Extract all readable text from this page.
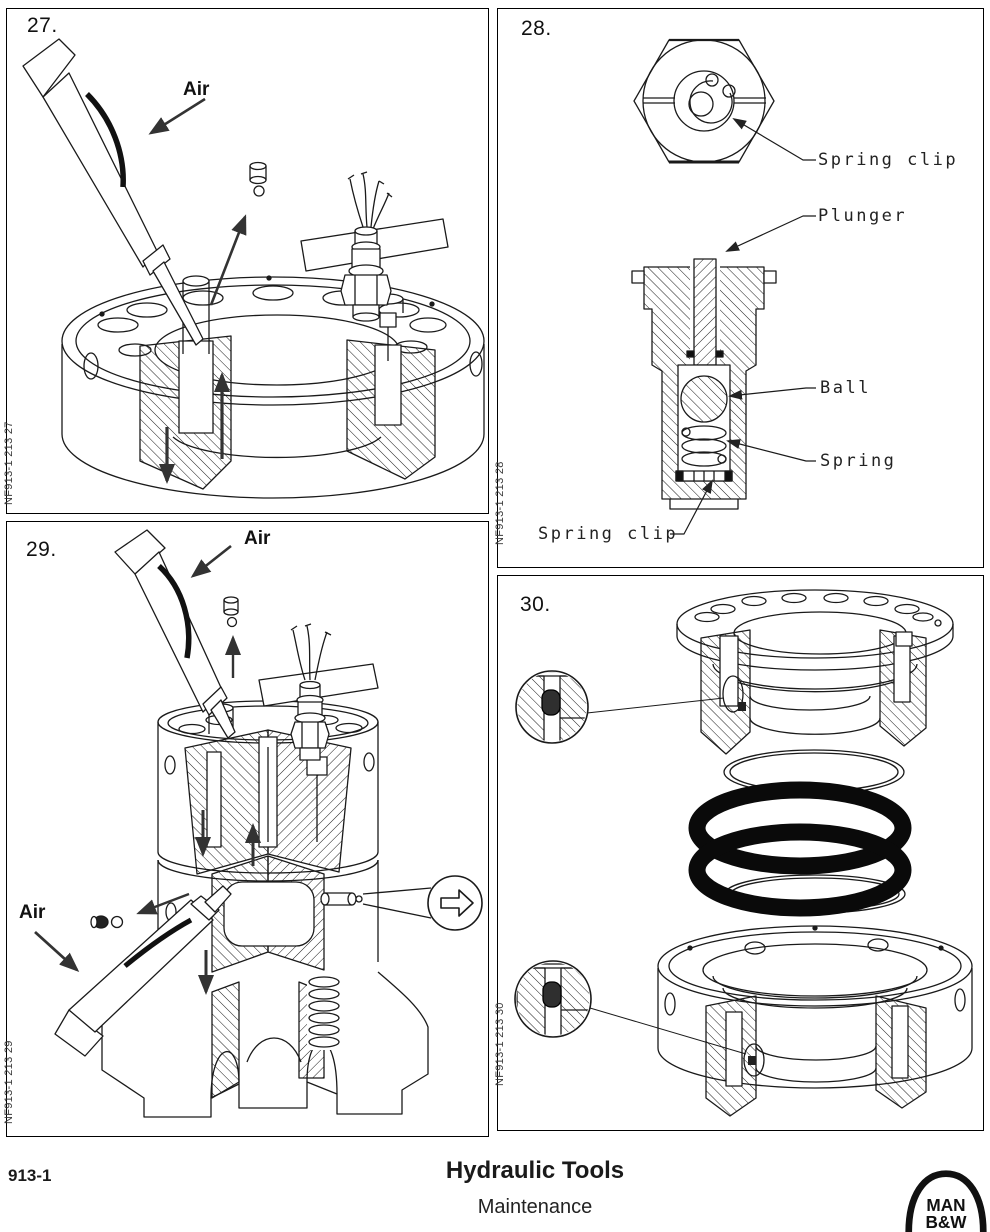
27.
Air
NF913-1 213 27
28.
Spring clip
Plunger
Ball
Spring
Spring clip
NF913-1 213 28
29.	Air
Air
NF913-1 213 29
30.
NF913-1 213 30
913-1	Hydraulic Tools
Maintenance	MAN
B&W
